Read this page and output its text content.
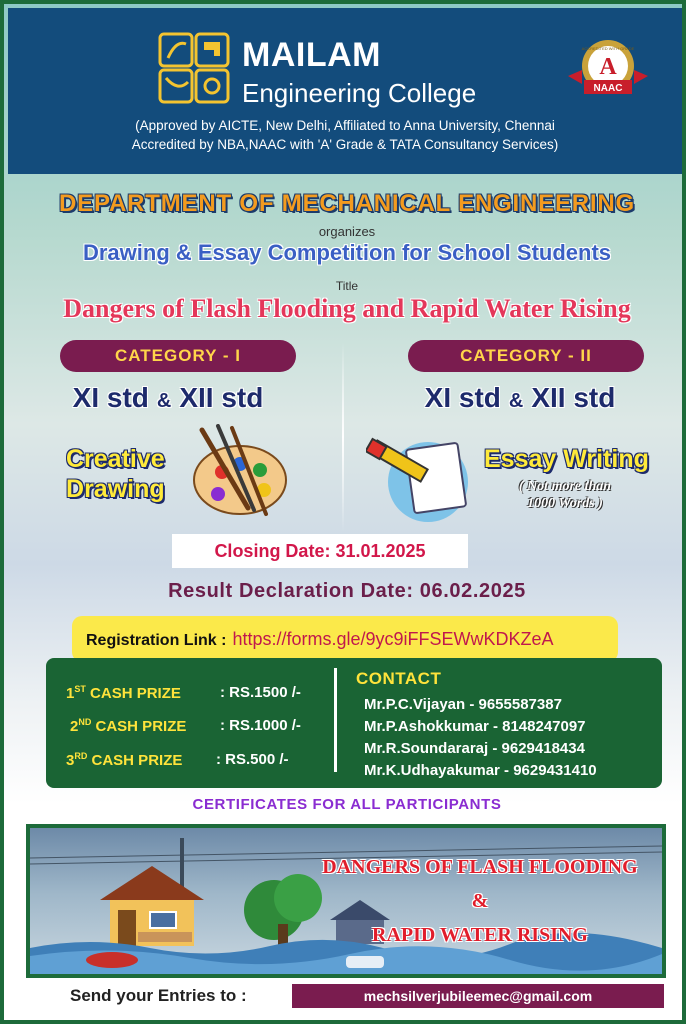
MAILAM
Engineering College
A
NAAC
ACCREDITED WITH GRADE
(Approved by AICTE, New Delhi, Affiliated to Anna University, Chennai
Accredited by NBA,NAAC with 'A' Grade & TATA Consultancy Services)
DEPARTMENT OF MECHANICAL ENGINEERING
organizes
Drawing & Essay Competition for School Students
Title
Dangers of Flash Flooding and Rapid Water Rising
CATEGORY - I
XI std & XII std
Creative
Drawing
CATEGORY - II
XI std & XII std
Essay Writing
( Not more than
1000 Words )
Closing Date: 31.01.2025
Result Declaration Date: 06.02.2025
Registration Link : https://forms.gle/9yc9iFFSEWwKDKZeA
1ST CASH PRIZE	: RS.1500 /-
2ND CASH PRIZE : RS.1000 /-
3RD CASH PRIZE : RS.500 /-
CONTACT
Mr.P.C.Vijayan - 9655587387
Mr.P.Ashokkumar - 8148247097
Mr.R.Soundararaj - 9629418434
Mr.K.Udhayakumar - 9629431410
CERTIFICATES FOR ALL PARTICIPANTS
DANGERS OF FLASH FLOODING
&
RAPID WATER RISING
Send your Entries to :	mechsilverjubileemec@gmail.com
